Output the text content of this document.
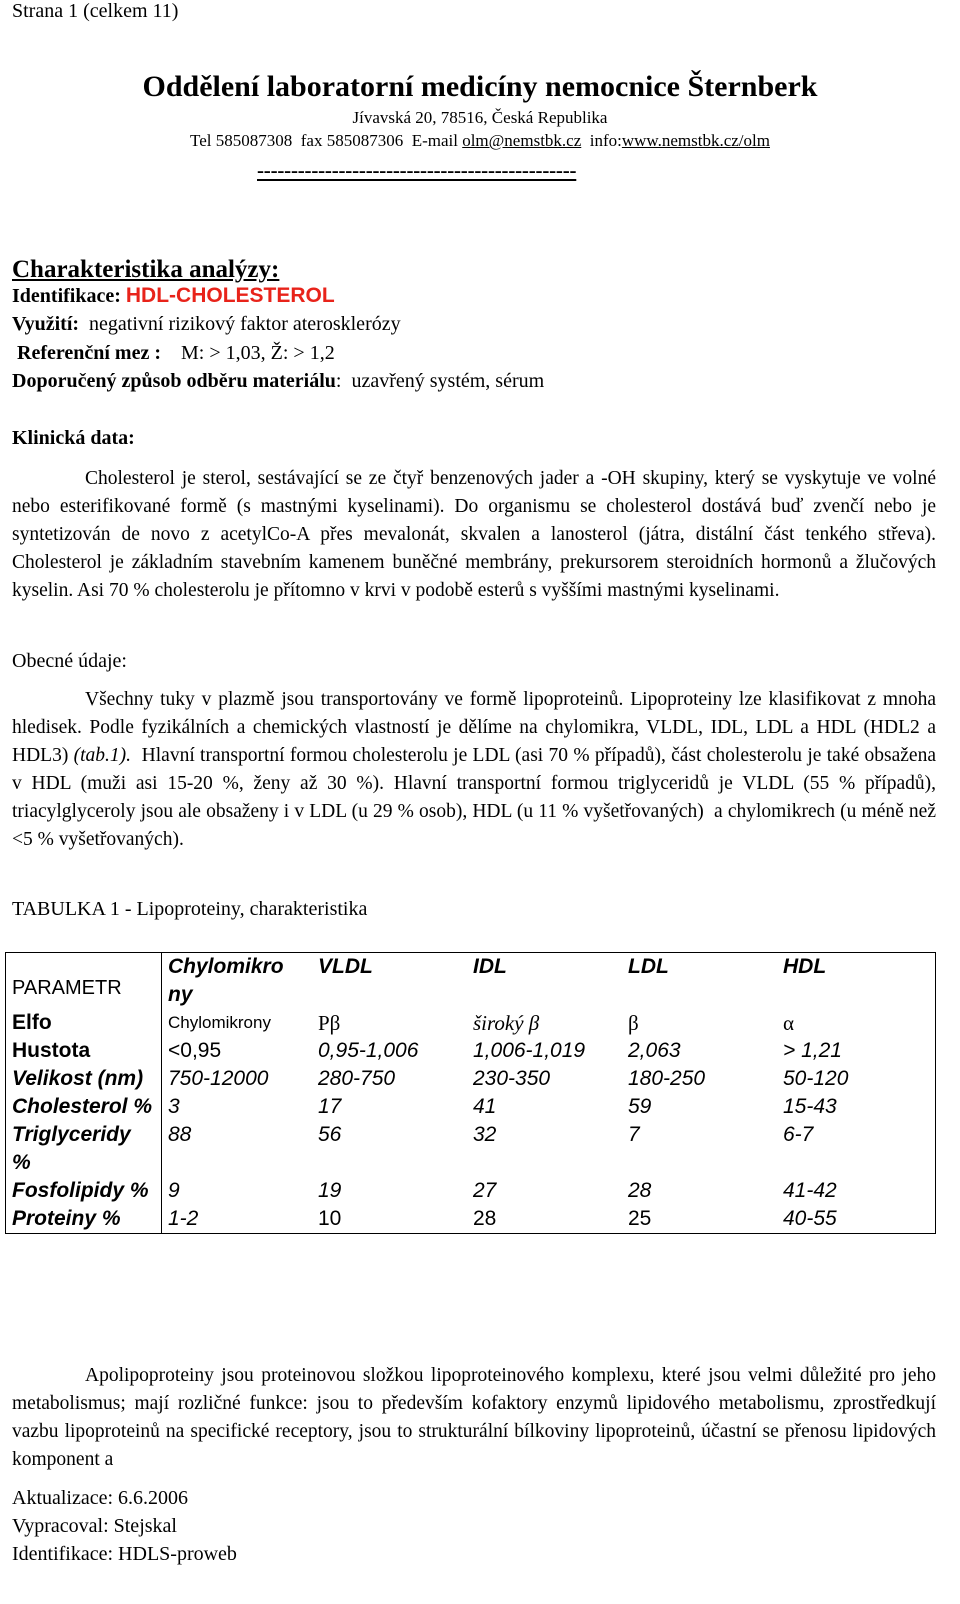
Strana 1 (celkem 11)
Oddělení laboratorní medicíny nemocnice Šternberk
Jívavská 20, 78516, Česká Republika
Tel 585087308  fax 585087306  E-mail olm@nemstbk.cz  info:www.nemstbk.cz/olm
-----------------------------------------------
Charakteristika analýzy:
Identifikace: HDL-CHOLESTEROL
Využití:  negativní rizikový faktor aterosklerózy
Referenční mez :    M: > 1,03, Ž: > 1,2
Doporučený způsob odběru materiálu:  uzavřený systém, sérum
Klinická data:
Cholesterol je sterol, sestávající se ze čtyř benzenových jader a -OH skupiny, který se vyskytuje ve volné nebo esterifikované formě (s mastnými kyselinami). Do organismu se cholesterol dostává buď zvenčí nebo je syntetizován de novo z acetylCo-A přes mevalonát, skvalen a lanosterol (játra, distální část tenkého střeva). Cholesterol je základním stavebním kamenem buněčné membrány, prekursorem steroidních hormonů a žlučových kyselin. Asi 70 % cholesterolu je přítomno v krvi v podobě esterů s vyššími mastnými kyselinami.
Obecné údaje:
Všechny tuky v plazmě jsou transportovány ve formě lipoproteinů. Lipoproteiny lze klasifikovat z mnoha hledisek. Podle fyzikálních a chemických vlastností je dělíme na chylomikra, VLDL, IDL, LDL a HDL (HDL2 a HDL3) (tab.1).  Hlavní transportní formou cholesterolu je LDL (asi 70 % případů), část cholesterolu je také obsažena v HDL (muži asi 15-20 %, ženy až 30 %). Hlavní transportní formou triglyceridů je VLDL (55 % případů), triacylglyceroly jsou ale obsaženy i v LDL (u 29 % osob), HDL (u 11 % vyšetřovaných)  a chylomikrech (u méně než <5 % vyšetřovaných).
TABULKA 1 - Lipoproteiny, charakteristika
PARAMETR	Chylomikro ny	VLDL	IDL	LDL	HDL
Elfo	Chylomikrony	Pβ	široký β	β	α
Hustota	<0,95	0,95-1,006	1,006-1,019	2,063	> 1,21
Velikost (nm)	750-12000	280-750	230-350	180-250	50-120
Cholesterol %	3	17	41	59	15-43
Triglyceridy %	88	56	32	7	6-7
Fosfolipidy %	9	19	27	28	41-42
Proteiny %	1-2	10	28	25	40-55
Apolipoproteiny jsou proteinovou složkou lipoproteinového komplexu, které jsou velmi důležité pro jeho metabolismus; mají rozličné funkce: jsou to především kofaktory enzymů lipidového metabolismu, zprostředkují vazbu lipoproteinů na specifické receptory, jsou to strukturální bílkoviny lipoproteinů, účastní se přenosu lipidových komponent a
Aktualizace: 6.6.2006
Vypracoval: Stejskal
Identifikace: HDLS-proweb
